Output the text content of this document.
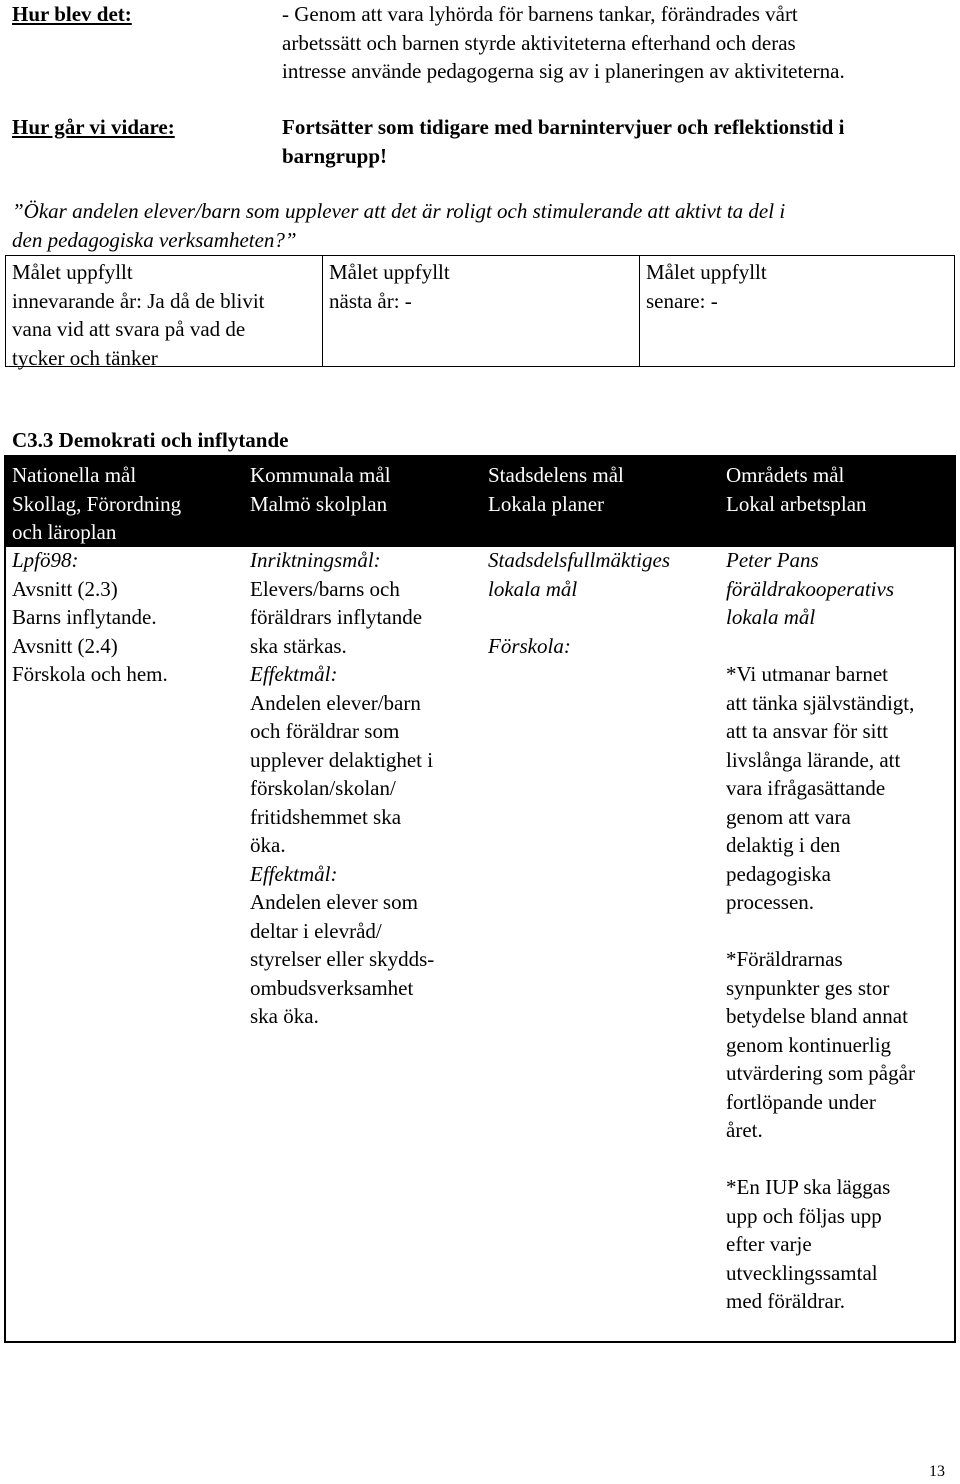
Hur blev det:	- Genom att vara lyhörda för barnens tankar, förändrades vårt
arbetssätt och barnen styrde aktiviteterna efterhand och deras
intresse använde pedagogerna sig av i planeringen av aktiviteterna.
Hur går vi vidare:	Fortsätter som tidigare med barnintervjuer och reflektionstid i
barngrupp!
”Ökar andelen elever/barn som upplever att det är roligt och stimulerande att aktivt ta del i
den pedagogiska verksamheten?”
Målet uppfyllt
innevarande år: Ja då de blivit
vana vid att svara på vad de
tycker och tänker
Målet uppfyllt
nästa år: -
Målet uppfyllt
senare: -
C3.3 Demokrati och inflytande
Nationella mål
Skollag, Förordning
och läroplan
Kommunala mål
Malmö skolplan
Stadsdelens mål
Lokala planer
Områdets mål
Lokal arbetsplan
Lpfö98:
Avsnitt (2.3)
Barns inflytande.
Avsnitt (2.4)
Förskola och hem.
Inriktningsmål:
Elevers/barns och
föräldrars inflytande
ska stärkas.
Effektmål:
Andelen elever/barn
och föräldrar som
upplever delaktighet i
förskolan/skolan/
fritidshemmet ska
öka.
Effektmål:
Andelen elever som
deltar i elevråd/
styrelser eller skydds-
ombudsverksamhet
ska öka.
Stadsdelsfullmäktiges
lokala mål
Förskola:
Peter Pans
föräldrakooperativs
lokala mål
*Vi utmanar barnet
att tänka självständigt,
att ta ansvar för sitt
livslånga lärande, att
vara ifrågasättande
genom att vara
delaktig i den
pedagogiska
processen.
*Föräldrarnas
synpunkter ges stor
betydelse bland annat
genom kontinuerlig
utvärdering som pågår
fortlöpande under
året.
*En IUP ska läggas
upp och följas upp
efter varje
utvecklingssamtal
med föräldrar.
13
